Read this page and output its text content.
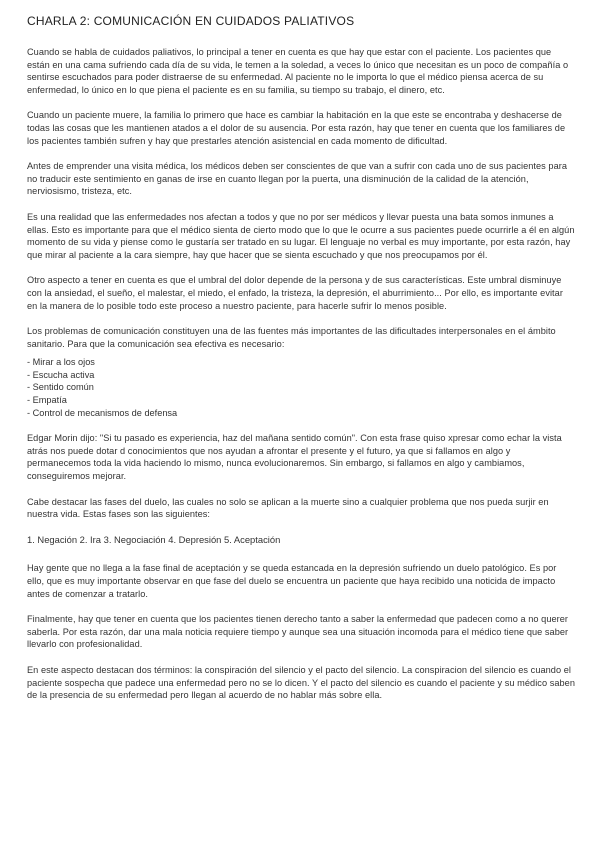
CHARLA 2: COMUNICACIÓN EN CUIDADOS PALIATIVOS

Cuando se habla de cuidados paliativos, lo principal a tener en cuenta es que hay que estar con el paciente. Los pacientes que están en una cama sufriendo cada día de su vida, le temen a la soledad, a veces lo único que necesitan es un poco de compañía o sentirse escuchados para poder distraerse de su enfermedad. Al paciente no le importa lo que el médico piensa acerca de su enfermedad, lo único en lo que piena el paciente es en su familia, su tiempo su trabajo, el dinero, etc.

Cuando un paciente muere, la familia lo primero que hace es cambiar la habitación en la que este se encontraba y deshacerse de todas las cosas que les mantienen atados a el dolor de su ausencia. Por esta razón, hay que tener en cuenta que los familiares de los pacientes también sufren y hay que prestarles atención asistencial en cada momento de dificultad.

Antes de emprender una visita médica, los médicos deben ser conscientes de que van a sufrir con cada uno de sus pacientes para no traducir este sentimiento en ganas de irse en cuanto llegan por la puerta, una disminución de la calidad de la atención, nerviosismo, tristeza, etc.

Es una realidad que las enfermedades nos afectan a todos y que no por ser médicos y llevar puesta una bata somos inmunes a ellas. Esto es importante para que el médico sienta de cierto modo que lo que le ocurre a sus pacientes puede ocurrirle a él en algún momento de su vida y piense como le gustaría ser tratado en su lugar. El lenguaje no verbal es muy importante, por esta razón, hay que mirar al paciente a la cara siempre, hay que hacer que se sienta escuchado y que nos preocupamos por él.

Otro aspecto a tener en cuenta es que el umbral del dolor depende de la persona y de sus características. Este umbral disminuye con la ansiedad, el sueño, el malestar, el miedo, el enfado, la tristeza, la depresión, el aburrimiento... Por ello, es importante evitar en la manera de lo posible todo este proceso a nuestro paciente, para hacerle sufrir lo menos posible.

Los problemas de comunicación constituyen una de las fuentes más importantes de las dificultades interpersonales en el ámbito sanitario. Para que la comunicación sea efectiva es necesario:

- Mirar a los ojos
- Escucha activa
- Sentido común
- Empatía
- Control de mecanismos de defensa

Edgar Morin dijo: "Si tu pasado es experiencia, haz del mañana sentido común". Con esta frase quiso xpresar como echar la vista atrás nos puede dotar d conocimientos que nos ayudan a afrontar el presente y el futuro, ya que si fallamos en algo y permanecemos toda la vida haciendo lo mismo, nunca evolucionaremos. Sin embargo, si fallamos en algo y cambiamos, conseguiremos mejorar.

Cabe destacar las fases del duelo, las cuales no solo se aplican a la muerte sino a cualquier problema que nos pueda surjir en nuestra vida. Estas fases son las siguientes:

1. Negación 2. Ira 3. Negociación 4. Depresión 5. Aceptación

Hay gente que no llega a la fase final de aceptación y se queda estancada en la depresión sufriendo un duelo patológico. Es por ello, que es muy importante observar en que fase del duelo se encuentra un paciente que haya recibido una noticida de impacto antes de comenzar a tratarlo.

Finalmente, hay que tener en cuenta que los pacientes tienen derecho tanto a saber la enfermedad que padecen como a no querer saberla. Por esta razón, dar una mala noticia requiere tiempo y aunque sea una situación incomoda para el médico tiene que saber llevarlo con profesionalidad.

En este aspecto destacan dos términos: la conspiración del silencio y el pacto del silencio. La conspiracion del silencio es cuando el paciente sospecha que padece una enfermedad pero no se lo dicen. Y el pacto del silencio es cuando el paciente y su médico saben de la presencia de su enfermedad pero llegan al acuerdo de no hablar más sobre ella.
